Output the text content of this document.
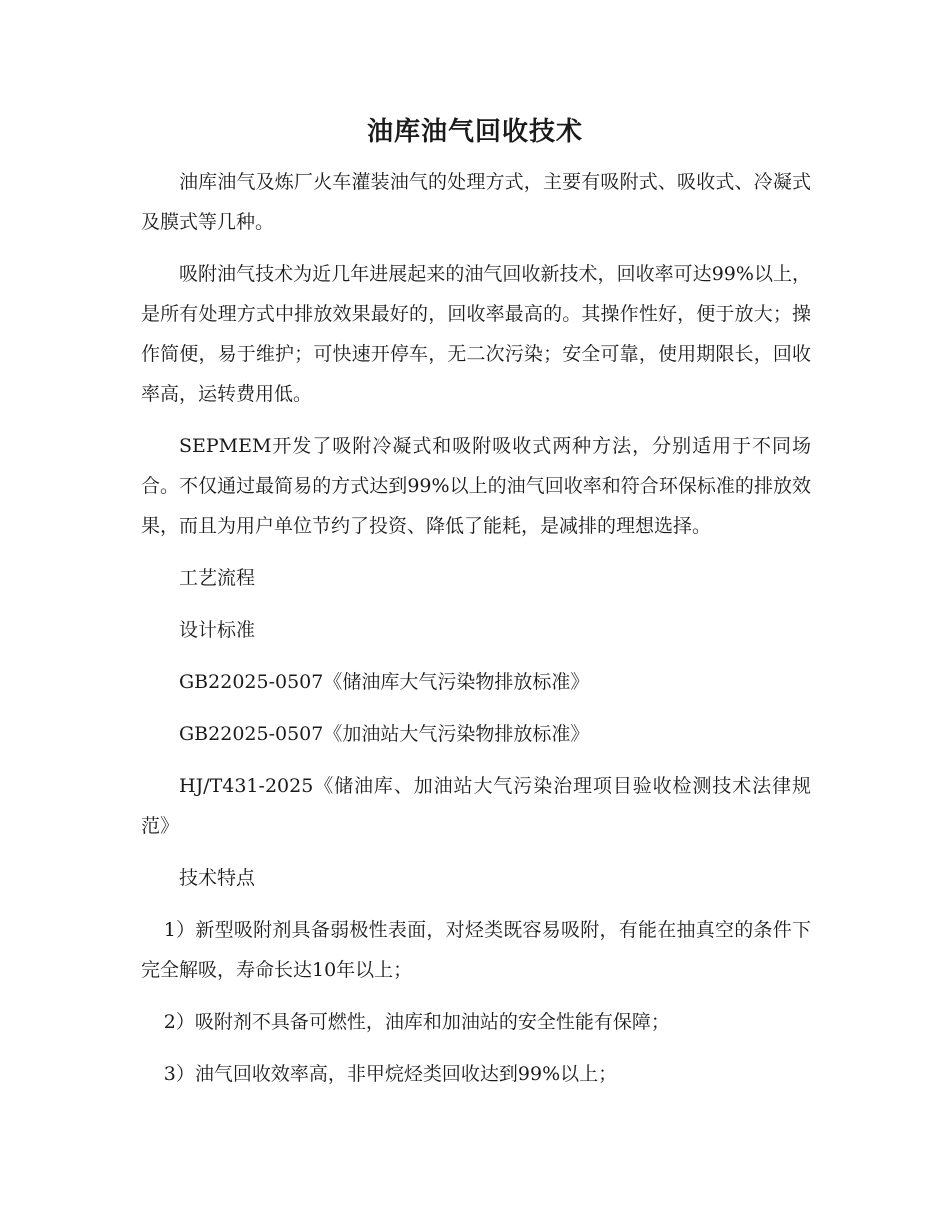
油库油气回收技术

油库油气及炼厂火车灌装油气的处理方式，主要有吸附式、吸收式、冷凝式及膜式等几种。

吸附油气技术为近几年进展起来的油气回收新技术，回收率可达99%以上，是所有处理方式中排放效果最好的，回收率最高的。其操作性好，便于放大；操作简便，易于维护；可快速开停车，无二次污染；安全可靠，使用期限长，回收率高，运转费用低。

SEPMEM开发了吸附冷凝式和吸附吸收式两种方法，分别适用于不同场合。不仅通过最简易的方式达到99%以上的油气回收率和符合环保标准的排放效果，而且为用户单位节约了投资、降低了能耗，是减排的理想选择。

工艺流程

设计标准

GB22025-0507《储油库大气污染物排放标准》

GB22025-0507《加油站大气污染物排放标准》

HJ/T431-2025《储油库、加油站大气污染治理项目验收检测技术法律规范》

技术特点

1）新型吸附剂具备弱极性表面，对烃类既容易吸附，有能在抽真空的条件下完全解吸，寿命长达10年以上；

2）吸附剂不具备可燃性，油库和加油站的安全性能有保障；

3）油气回收效率高，非甲烷烃类回收达到99%以上；
